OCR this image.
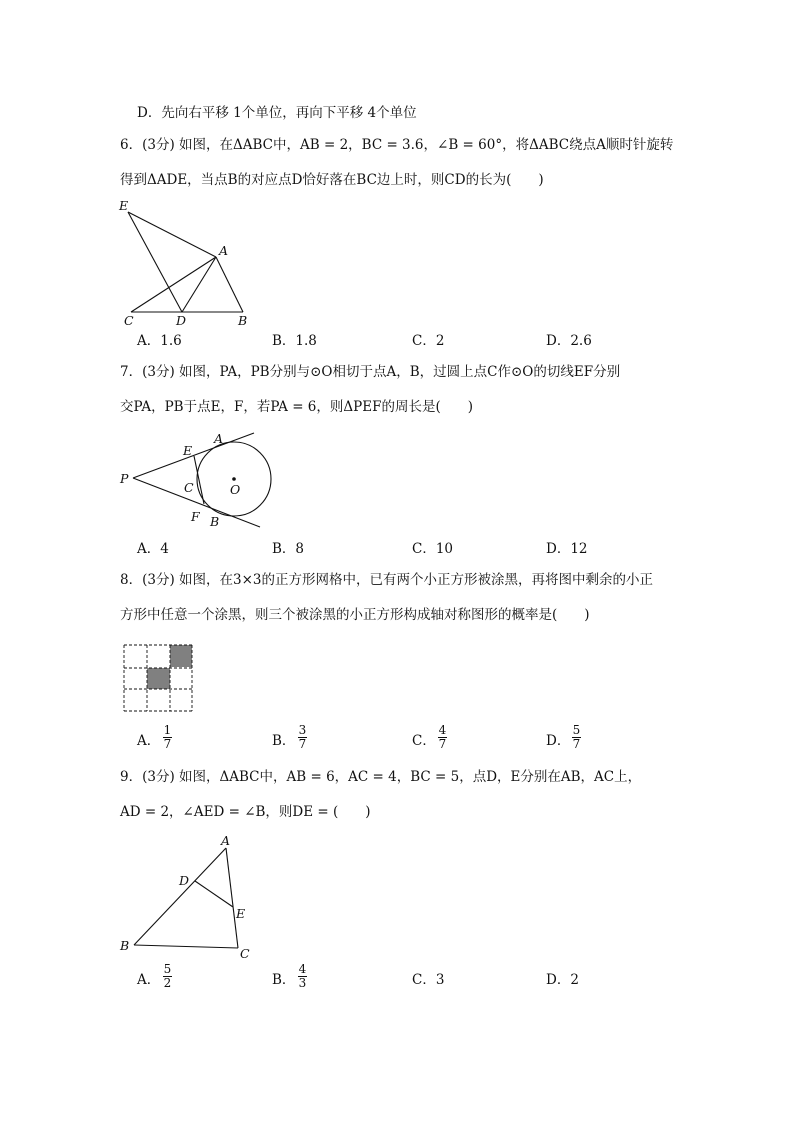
D．先向右平移 1个单位，再向下平移 4个单位
6．(3分) 如图，在ΔABC中，AB = 2，BC = 3.6，∠B = 60°，将ΔABC绕点A顺时针旋转
得到ΔADE，当点B的对应点D恰好落在BC边上时，则CD的长为(　　)
E
A
C	D	B
A．1.6	B．1.8	C．2	D．2.6
7．(3分) 如图，PA，PB分别与⊙O相切于点A，B，过圆上点C作⊙O的切线EF分别
交PA，PB于点E，F，若PA = 6，则ΔPEF的周长是(　　)
P
E
A
C	O
F B
A．4	B．8	C．10	D．12
8．(3分) 如图，在3×3的正方形网格中，已有两个小正方形被涂黑，再将图中剩余的小正
方形中任意一个涂黑，则三个被涂黑的小正方形构成轴对称图形的概率是(　　)
A．
1
7	B．
3
7	C．
4
7	D．
5
7
9．(3分) 如图，ΔABC中，AB = 6，AC = 4，BC = 5，点D，E分别在AB，AC上，
AD = 2，∠AED = ∠B，则DE = (　　)
A
D
E
B
C
A．
5
2	B．
4
3	C．3	D．2
